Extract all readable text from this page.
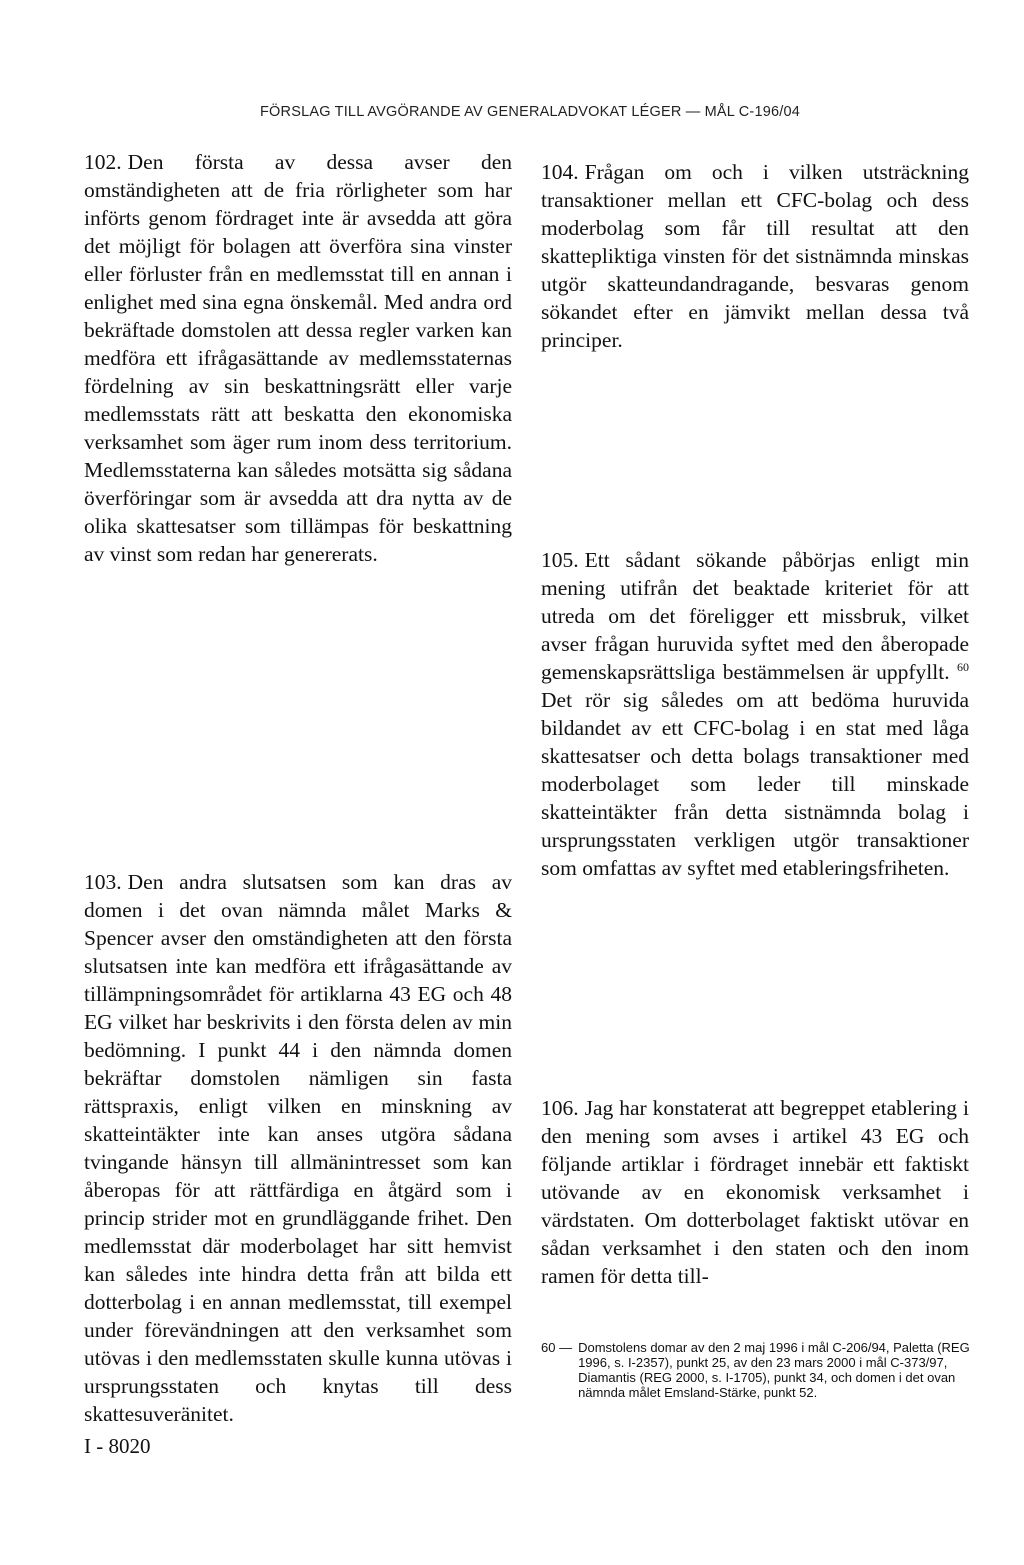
FÖRSLAG TILL AVGÖRANDE AV GENERALADVOKAT LÉGER — MÅL C-196/04

102. Den första av dessa avser den omständigheten att de fria rörligheter som har införts genom fördraget inte är avsedda att göra det möjligt för bolagen att överföra sina vinster eller förluster från en medlemsstat till en annan i enlighet med sina egna önskemål. Med andra ord bekräftade domstolen att dessa regler varken kan medföra ett ifrågasättande av medlemsstaternas fördelning av sin beskattningsrätt eller varje medlemsstats rätt att beskatta den ekonomiska verksamhet som äger rum inom dess territorium. Medlemsstaterna kan således motsätta sig sådana överföringar som är avsedda att dra nytta av de olika skattesatser som tillämpas för beskattning av vinst som redan har genererats.

103. Den andra slutsatsen som kan dras av domen i det ovan nämnda målet Marks & Spencer avser den omständigheten att den första slutsatsen inte kan medföra ett ifrågasättande av tillämpningsområdet för artiklarna 43 EG och 48 EG vilket har beskrivits i den första delen av min bedömning. I punkt 44 i den nämnda domen bekräftar domstolen nämligen sin fasta rättspraxis, enligt vilken en minskning av skatteintäkter inte kan anses utgöra sådana tvingande hänsyn till allmänintresset som kan åberopas för att rättfärdiga en åtgärd som i princip strider mot en grundläggande frihet. Den medlemsstat där moderbolaget har sitt hemvist kan således inte hindra detta från att bilda ett dotterbolag i en annan medlemsstat, till exempel under förevändningen att den verksamhet som utövas i den medlemsstaten skulle kunna utövas i ursprungsstaten och knytas till dess skattesuveränitet.

104. Frågan om och i vilken utsträckning transaktioner mellan ett CFC-bolag och dess moderbolag som får till resultat att den skattepliktiga vinsten för det sistnämnda minskas utgör skatteundandragande, besvaras genom sökandet efter en jämvikt mellan dessa två principer.

105. Ett sådant sökande påbörjas enligt min mening utifrån det beaktade kriteriet för att utreda om det föreligger ett missbruk, vilket avser frågan huruvida syftet med den åberopade gemenskapsrättsliga bestämmelsen är uppfyllt. $^{60}$ Det rör sig således om att bedöma huruvida bildandet av ett CFC-bolag i en stat med låga skattesatser och detta bolags transaktioner med moderbolaget som leder till minskade skatteintäkter från detta sistnämnda bolag i ursprungsstaten verkligen utgör transaktioner som omfattas av syftet med etableringsfriheten.

106. Jag har konstaterat att begreppet etablering i den mening som avses i artikel 43 EG och följande artiklar i fördraget innebär ett faktiskt utövande av en ekonomisk verksamhet i värdstaten. Om dotterbolaget faktiskt utövar en sådan verksamhet i den staten och den inom ramen för detta till-

60 — Domstolens domar av den 2 maj 1996 i mål C-206/94, Paletta (REG 1996, s. I-2357), punkt 25, av den 23 mars 2000 i mål C-373/97, Diamantis (REG 2000, s. I-1705), punkt 34, och domen i det ovan nämnda målet Emsland-Stärke, punkt 52.
I - 8020
